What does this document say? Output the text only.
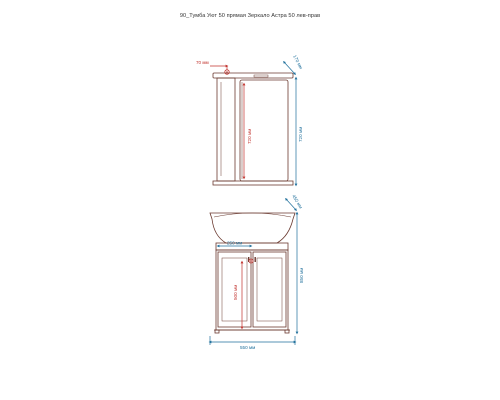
90_Тумба Уют 50 прямая Зеркало Астра 50 лев-прав
70 мм
720 мм
170 мм
720 мм
450 мм
250 мм
500 мм
850 мм
550 мм
